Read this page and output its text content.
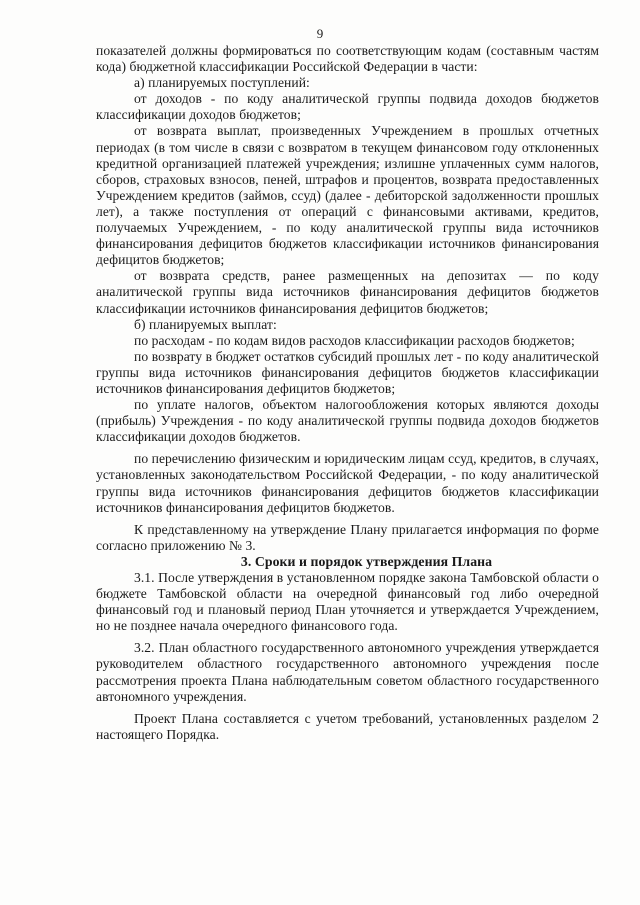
9

показателей должны формироваться по соответствующим кодам (составным частям кода) бюджетной классификации Российской Федерации в части:

а) планируемых поступлений:

от доходов - по коду аналитической группы подвида доходов бюджетов классификации доходов бюджетов;

от возврата выплат, произведенных Учреждением в прошлых отчетных периодах (в том числе в связи с возвратом в текущем финансовом году отклоненных кредитной организацией платежей учреждения; излишне уплаченных сумм налогов, сборов, страховых взносов, пеней, штрафов и процентов, возврата предоставленных Учреждением кредитов (займов, ссуд) (далее - дебиторской задолженности прошлых лет), а также поступления от операций с финансовыми активами, кредитов, получаемых Учреждением, - по коду аналитической группы вида источников финансирования дефицитов бюджетов классификации источников финансирования дефицитов бюджетов;

от возврата средств, ранее размещенных на депозитах — по коду аналитической группы вида источников финансирования дефицитов бюджетов классификации источников финансирования дефицитов бюджетов;

б) планируемых выплат:

по расходам - по кодам видов расходов классификации расходов бюджетов;

по возврату в бюджет остатков субсидий прошлых лет - по коду аналитической группы вида источников финансирования дефицитов бюджетов классификации источников финансирования дефицитов бюджетов;

по уплате налогов, объектом налогообложения которых являются доходы (прибыль) Учреждения - по коду аналитической группы подвида доходов бюджетов классификации доходов бюджетов.

по перечислению физическим и юридическим лицам ссуд, кредитов, в случаях, установленных законодательством Российской Федерации, - по коду аналитической группы вида источников финансирования дефицитов бюджетов классификации источников финансирования дефицитов бюджетов.

К представленному на утверждение Плану прилагается информация по форме согласно приложению № 3.

3. Сроки и порядок утверждения Плана

3.1. После утверждения в установленном порядке закона Тамбовской области о бюджете Тамбовской области на очередной финансовый год либо очередной финансовый год и плановый период План уточняется и утверждается Учреждением, но не позднее начала очередного финансового года.

3.2. План областного государственного автономного учреждения утверждается руководителем областного государственного автономного учреждения после рассмотрения проекта Плана наблюдательным советом областного государственного автономного учреждения.

Проект Плана составляется с учетом требований, установленных разделом 2 настоящего Порядка.
